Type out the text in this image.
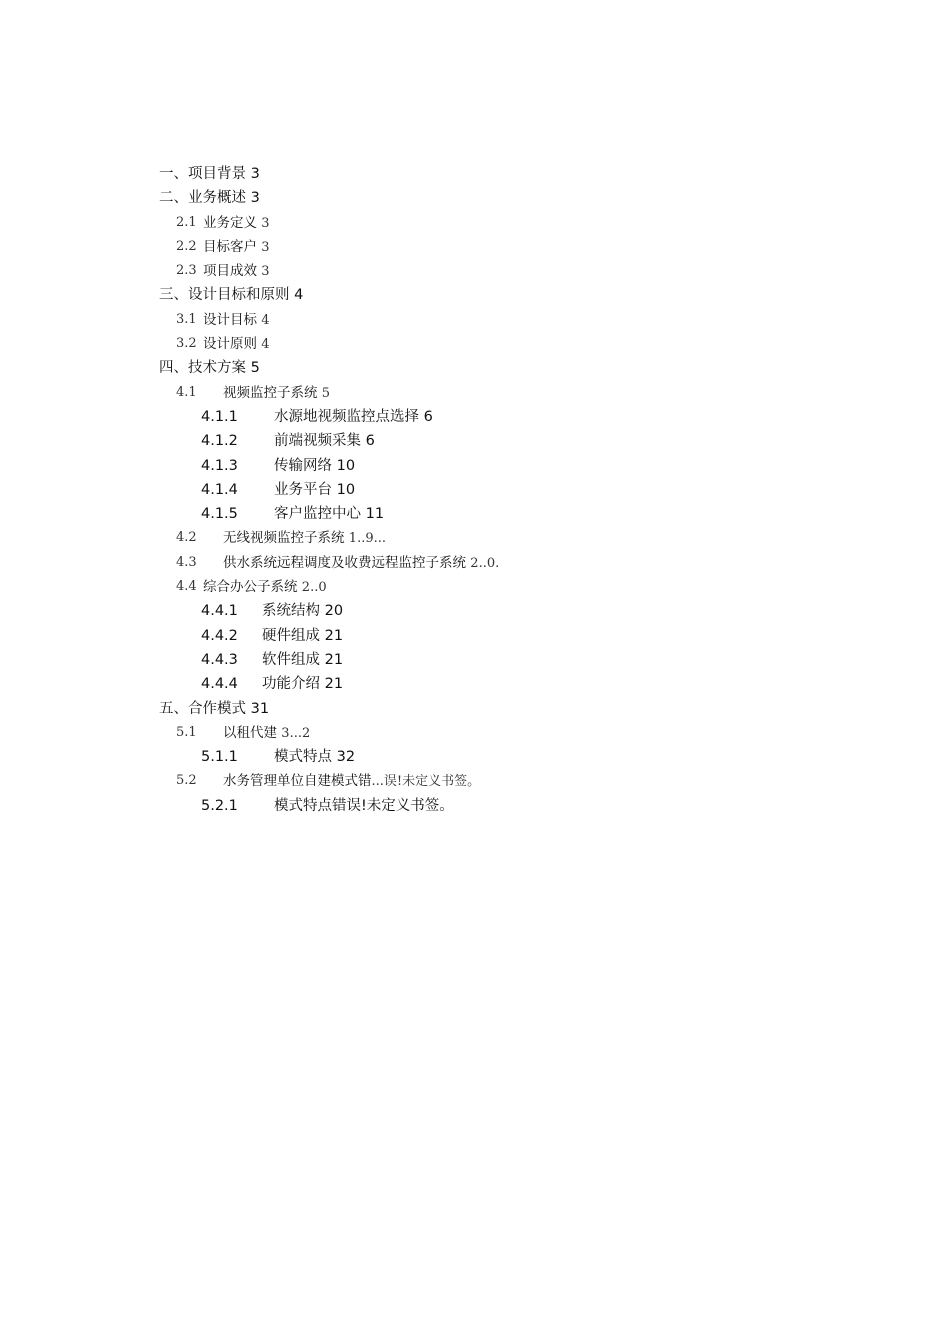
一、项目背景 3
二、业务概述 3
2.1 业务定义 3
2.2 目标客户 3
2.3 项目成效 3
三、设计目标和原则 4
3.1 设计目标 4
3.2 设计原则 4
四、技术方案 5
4.1 视频监控子系统 5
4.1.1 水源地视频监控点选择 6
4.1.2 前端视频采集 6
4.1.3 传输网络 10
4.1.4 业务平台 10
4.1.5 客户监控中心 11
4.2 无线视频监控子系统 1..9...
4.3 供水系统远程调度及收费远程监控子系统 2..0.
4.4 综合办公子系统 2..0
4.4.1 系统结构 20
4.4.2 硬件组成 21
4.4.3 软件组成 21
4.4.4 功能介绍 21
五、合作模式 31
5.1 以租代建 3...2
5.1.1 模式特点 32
5.2 水务管理单位自建模式错...误!未定义书签。
5.2.1 模式特点错误!未定义书签。
